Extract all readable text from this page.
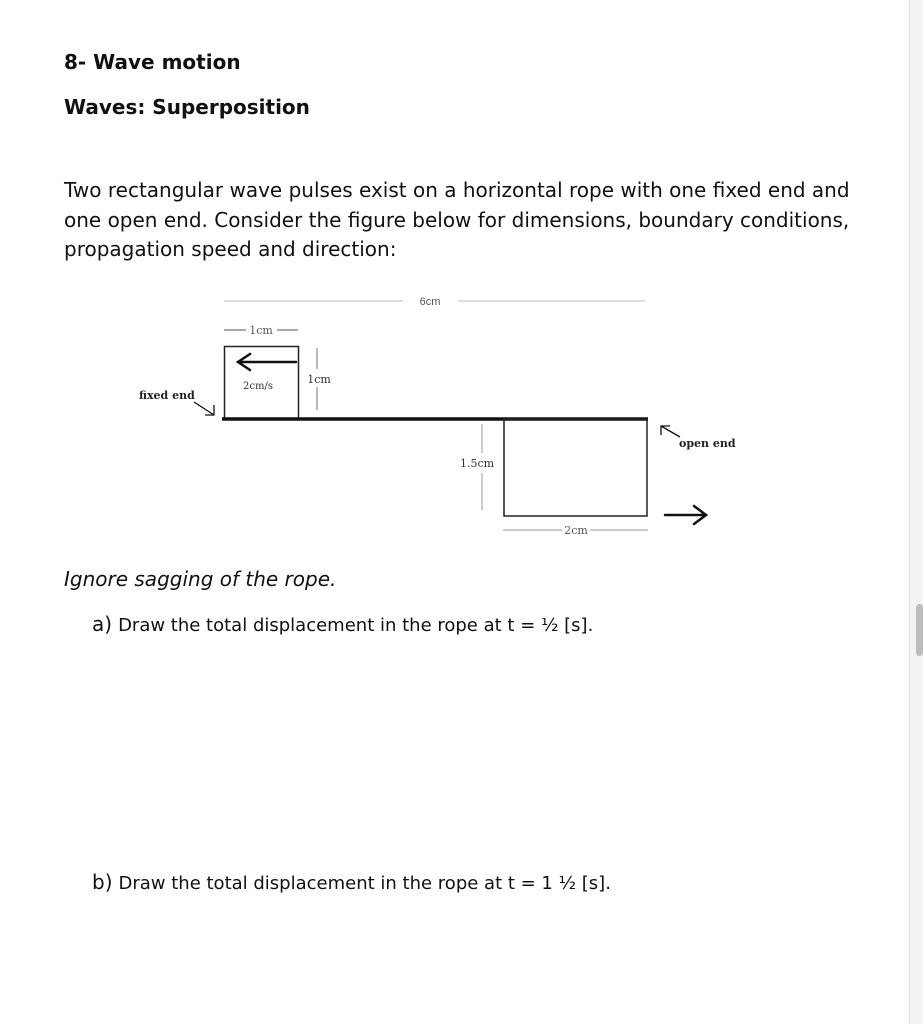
8- Wave motion
Waves: Superposition

Two rectangular wave pulses exist on a horizontal rope with one fixed end and one open end. Consider the figure below for dimensions, boundary conditions, propagation speed and direction:

6cm
1cm
2cm/s
1cm
fixed end
1.5cm
2cm
open end
Ignore sagging of the rope.
a) Draw the total displacement in the rope at t = ½ [s].
b) Draw the total displacement in the rope at t = 1 ½ [s].
